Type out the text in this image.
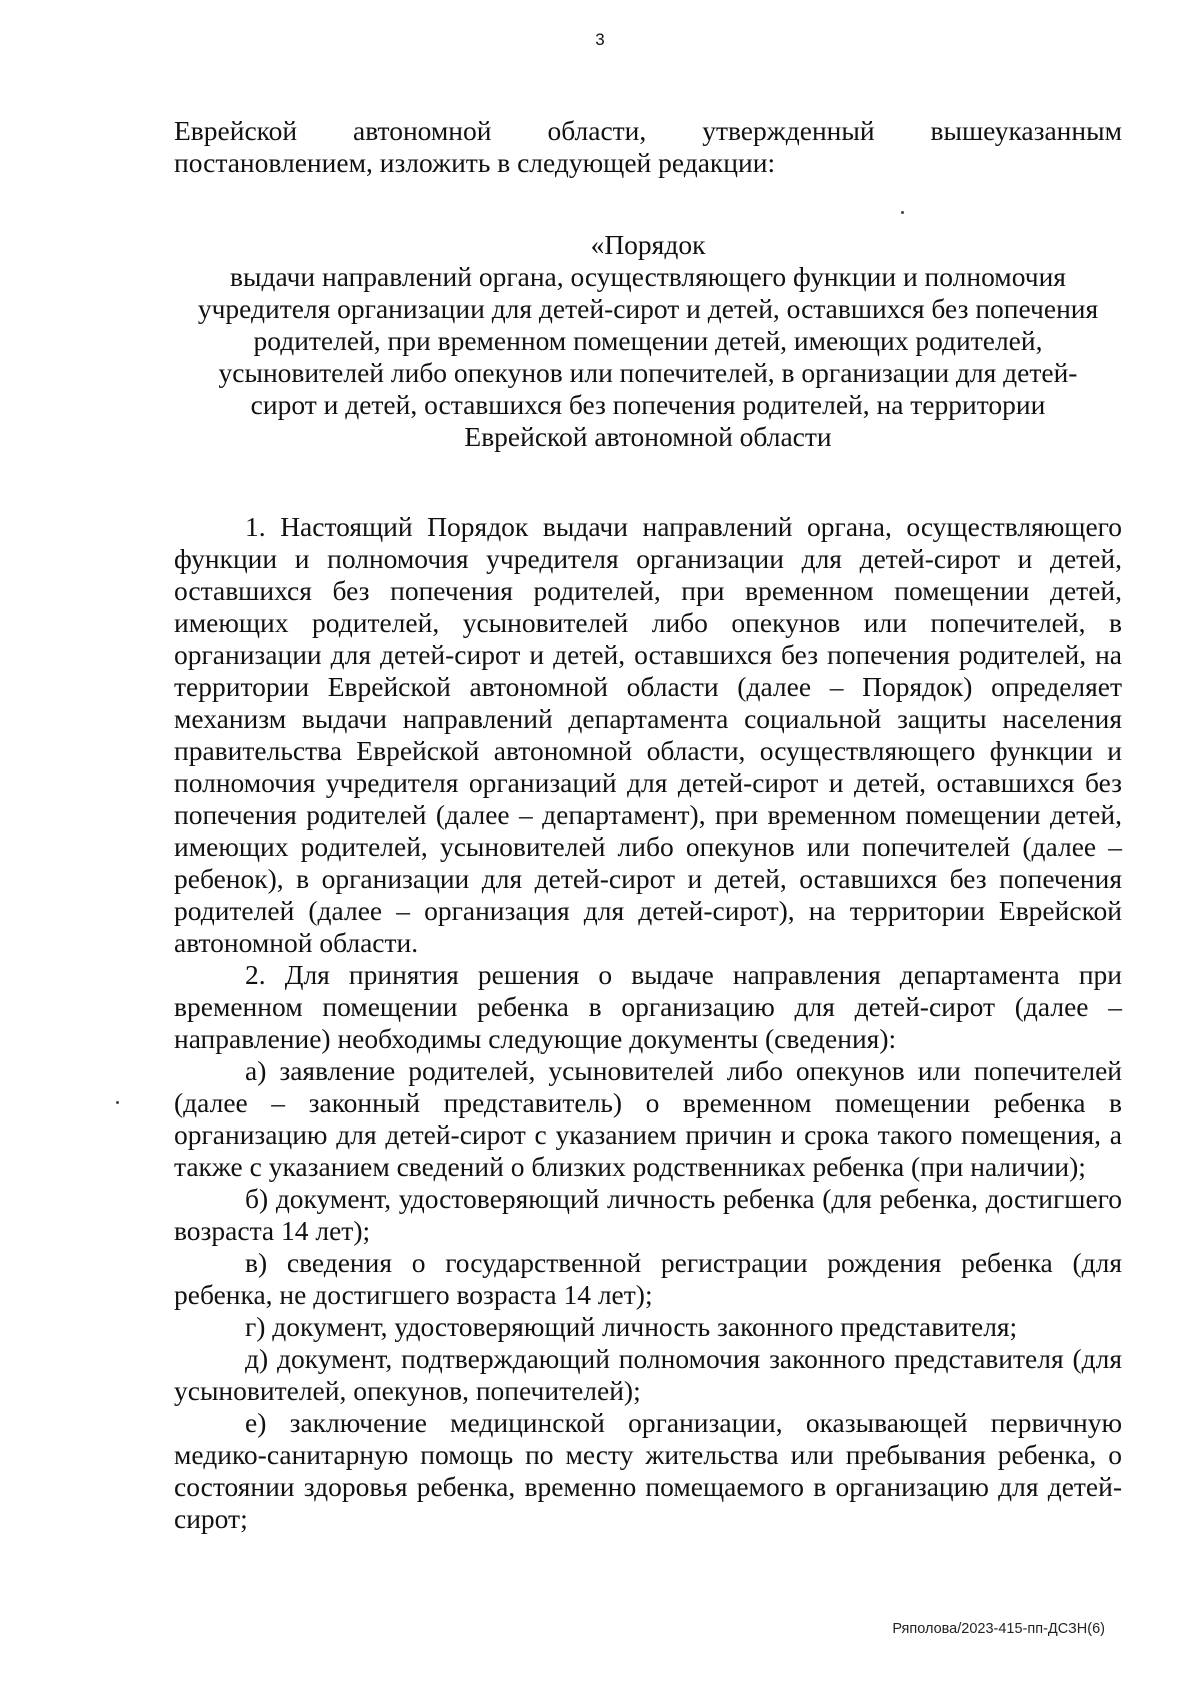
3

Еврейской автономной области, утвержденный вышеуказанным постановлением, изложить в следующей редакции:

«Порядок

выдачи направлений органа, осуществляющего функции и полномочия

учредителя организации для детей-сирот и детей, оставшихся без попечения

родителей, при временном помещении детей, имеющих родителей,

усыновителей либо опекунов или попечителей, в организации для детей-

сирот и детей, оставшихся без попечения родителей, на территории

Еврейской автономной области

1. Настоящий Порядок выдачи направлений органа, осуществляющего функции и полномочия учредителя организации для детей-сирот и детей, оставшихся без попечения родителей, при временном помещении детей, имеющих родителей, усыновителей либо опекунов или попечителей, в организации для детей-сирот и детей, оставшихся без попечения родителей, на территории Еврейской автономной области (далее – Порядок) определяет механизм выдачи направлений департамента социальной защиты населения правительства Еврейской автономной области, осуществляющего функции и полномочия учредителя организаций для детей-сирот и детей, оставшихся без попечения родителей (далее – департамент), при временном помещении детей, имеющих родителей, усыновителей либо опекунов или попечителей (далее – ребенок), в организации для детей-сирот и детей, оставшихся без попечения родителей (далее – организация для детей-сирот), на территории Еврейской автономной области.

2. Для принятия решения о выдаче направления департамента при временном помещении ребенка в организацию для детей-сирот (далее – направление) необходимы следующие документы (сведения):

а) заявление родителей, усыновителей либо опекунов или попечителей (далее – законный представитель) о временном помещении ребенка в организацию для детей-сирот с указанием причин и срока такого помещения, а также с указанием сведений о близких родственниках ребенка (при наличии);

б) документ, удостоверяющий личность ребенка (для ребенка, достигшего возраста 14 лет);

в) сведения о государственной регистрации рождения ребенка (для ребенка, не достигшего возраста 14 лет);

г) документ, удостоверяющий личность законного представителя;

д) документ, подтверждающий полномочия законного представителя (для усыновителей, опекунов, попечителей);

е) заключение медицинской организации, оказывающей первичную медико-санитарную помощь по месту жительства или пребывания ребенка, о состоянии здоровья ребенка, временно помещаемого в организацию для детей-сирот;

Ряполова/2023-415-пп-ДСЗН(6)
